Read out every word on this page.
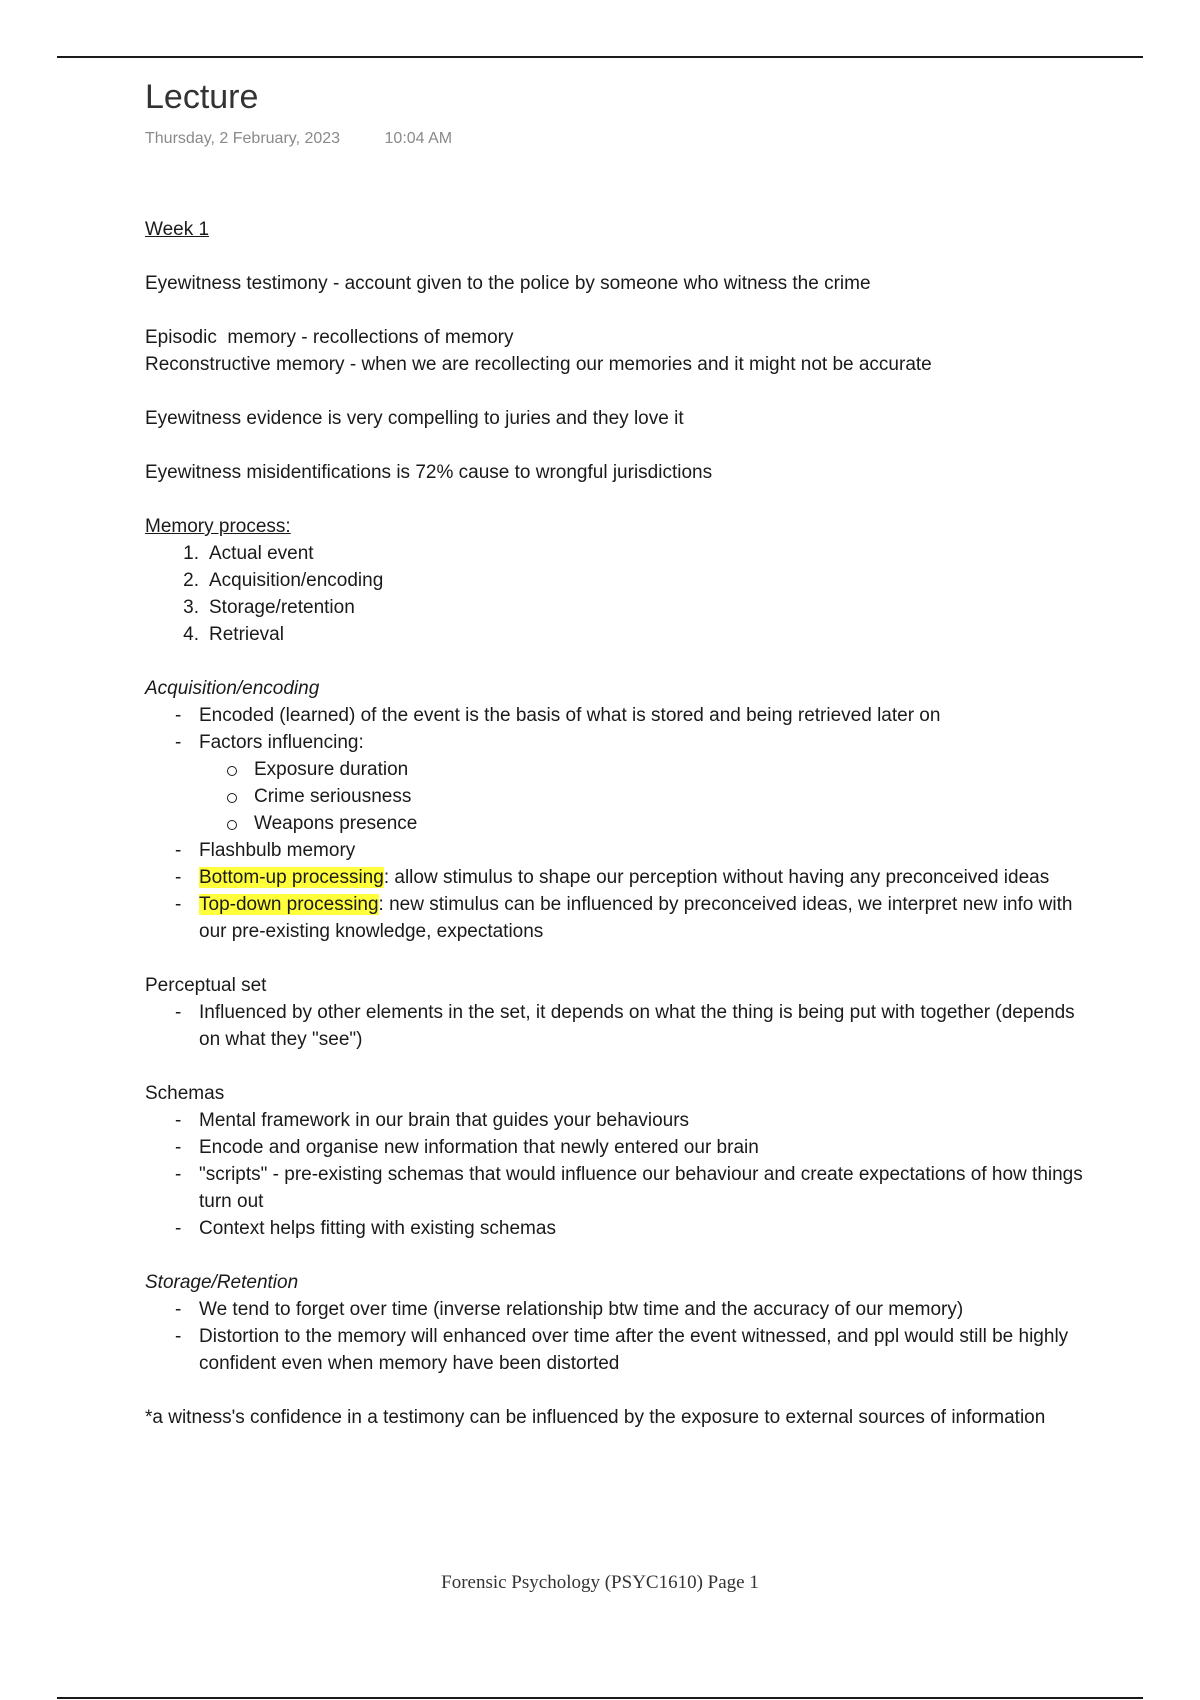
Lecture
Thursday, 2 February, 2023	10:04 AM

Week 1

Eyewitness testimony - account given to the police by someone who witness the crime

Episodic  memory - recollections of memory

Reconstructive memory - when we are recollecting our memories and it might not be accurate

Eyewitness evidence is very compelling to juries and they love it

Eyewitness misidentifications is 72% cause to wrongful jurisdictions

Memory process:

1. Actual event
2. Acquisition/encoding
3. Storage/retention
4. Retrieval

Acquisition/encoding

-
Encoded (learned) of the event is the basis of what is stored and being retrieved later on
-
Factors influencing:
Exposure duration
Crime seriousness
Weapons presence
-
Flashbulb memory
-
Bottom-up processing: allow stimulus to shape our perception without having any preconceived ideas
-
Top-down processing: new stimulus can be influenced by preconceived ideas, we interpret new info with our pre-existing knowledge, expectations

Perceptual set

-
Influenced by other elements in the set, it depends on what the thing is being put with together (depends on what they "see")

Schemas

-
Mental framework in our brain that guides your behaviours
-
Encode and organise new information that newly entered our brain
-
"scripts" - pre-existing schemas that would influence our behaviour and create expectations of how things turn out
-
Context helps fitting with existing schemas

Storage/Retention

-
We tend to forget over time (inverse relationship btw time and the accuracy of our memory)
-
Distortion to the memory will enhanced over time after the event witnessed, and ppl would still be highly confident even when memory have been distorted

*a witness's confidence in a testimony can be influenced by the exposure to external sources of information

Forensic Psychology (PSYC1610) Page 1
